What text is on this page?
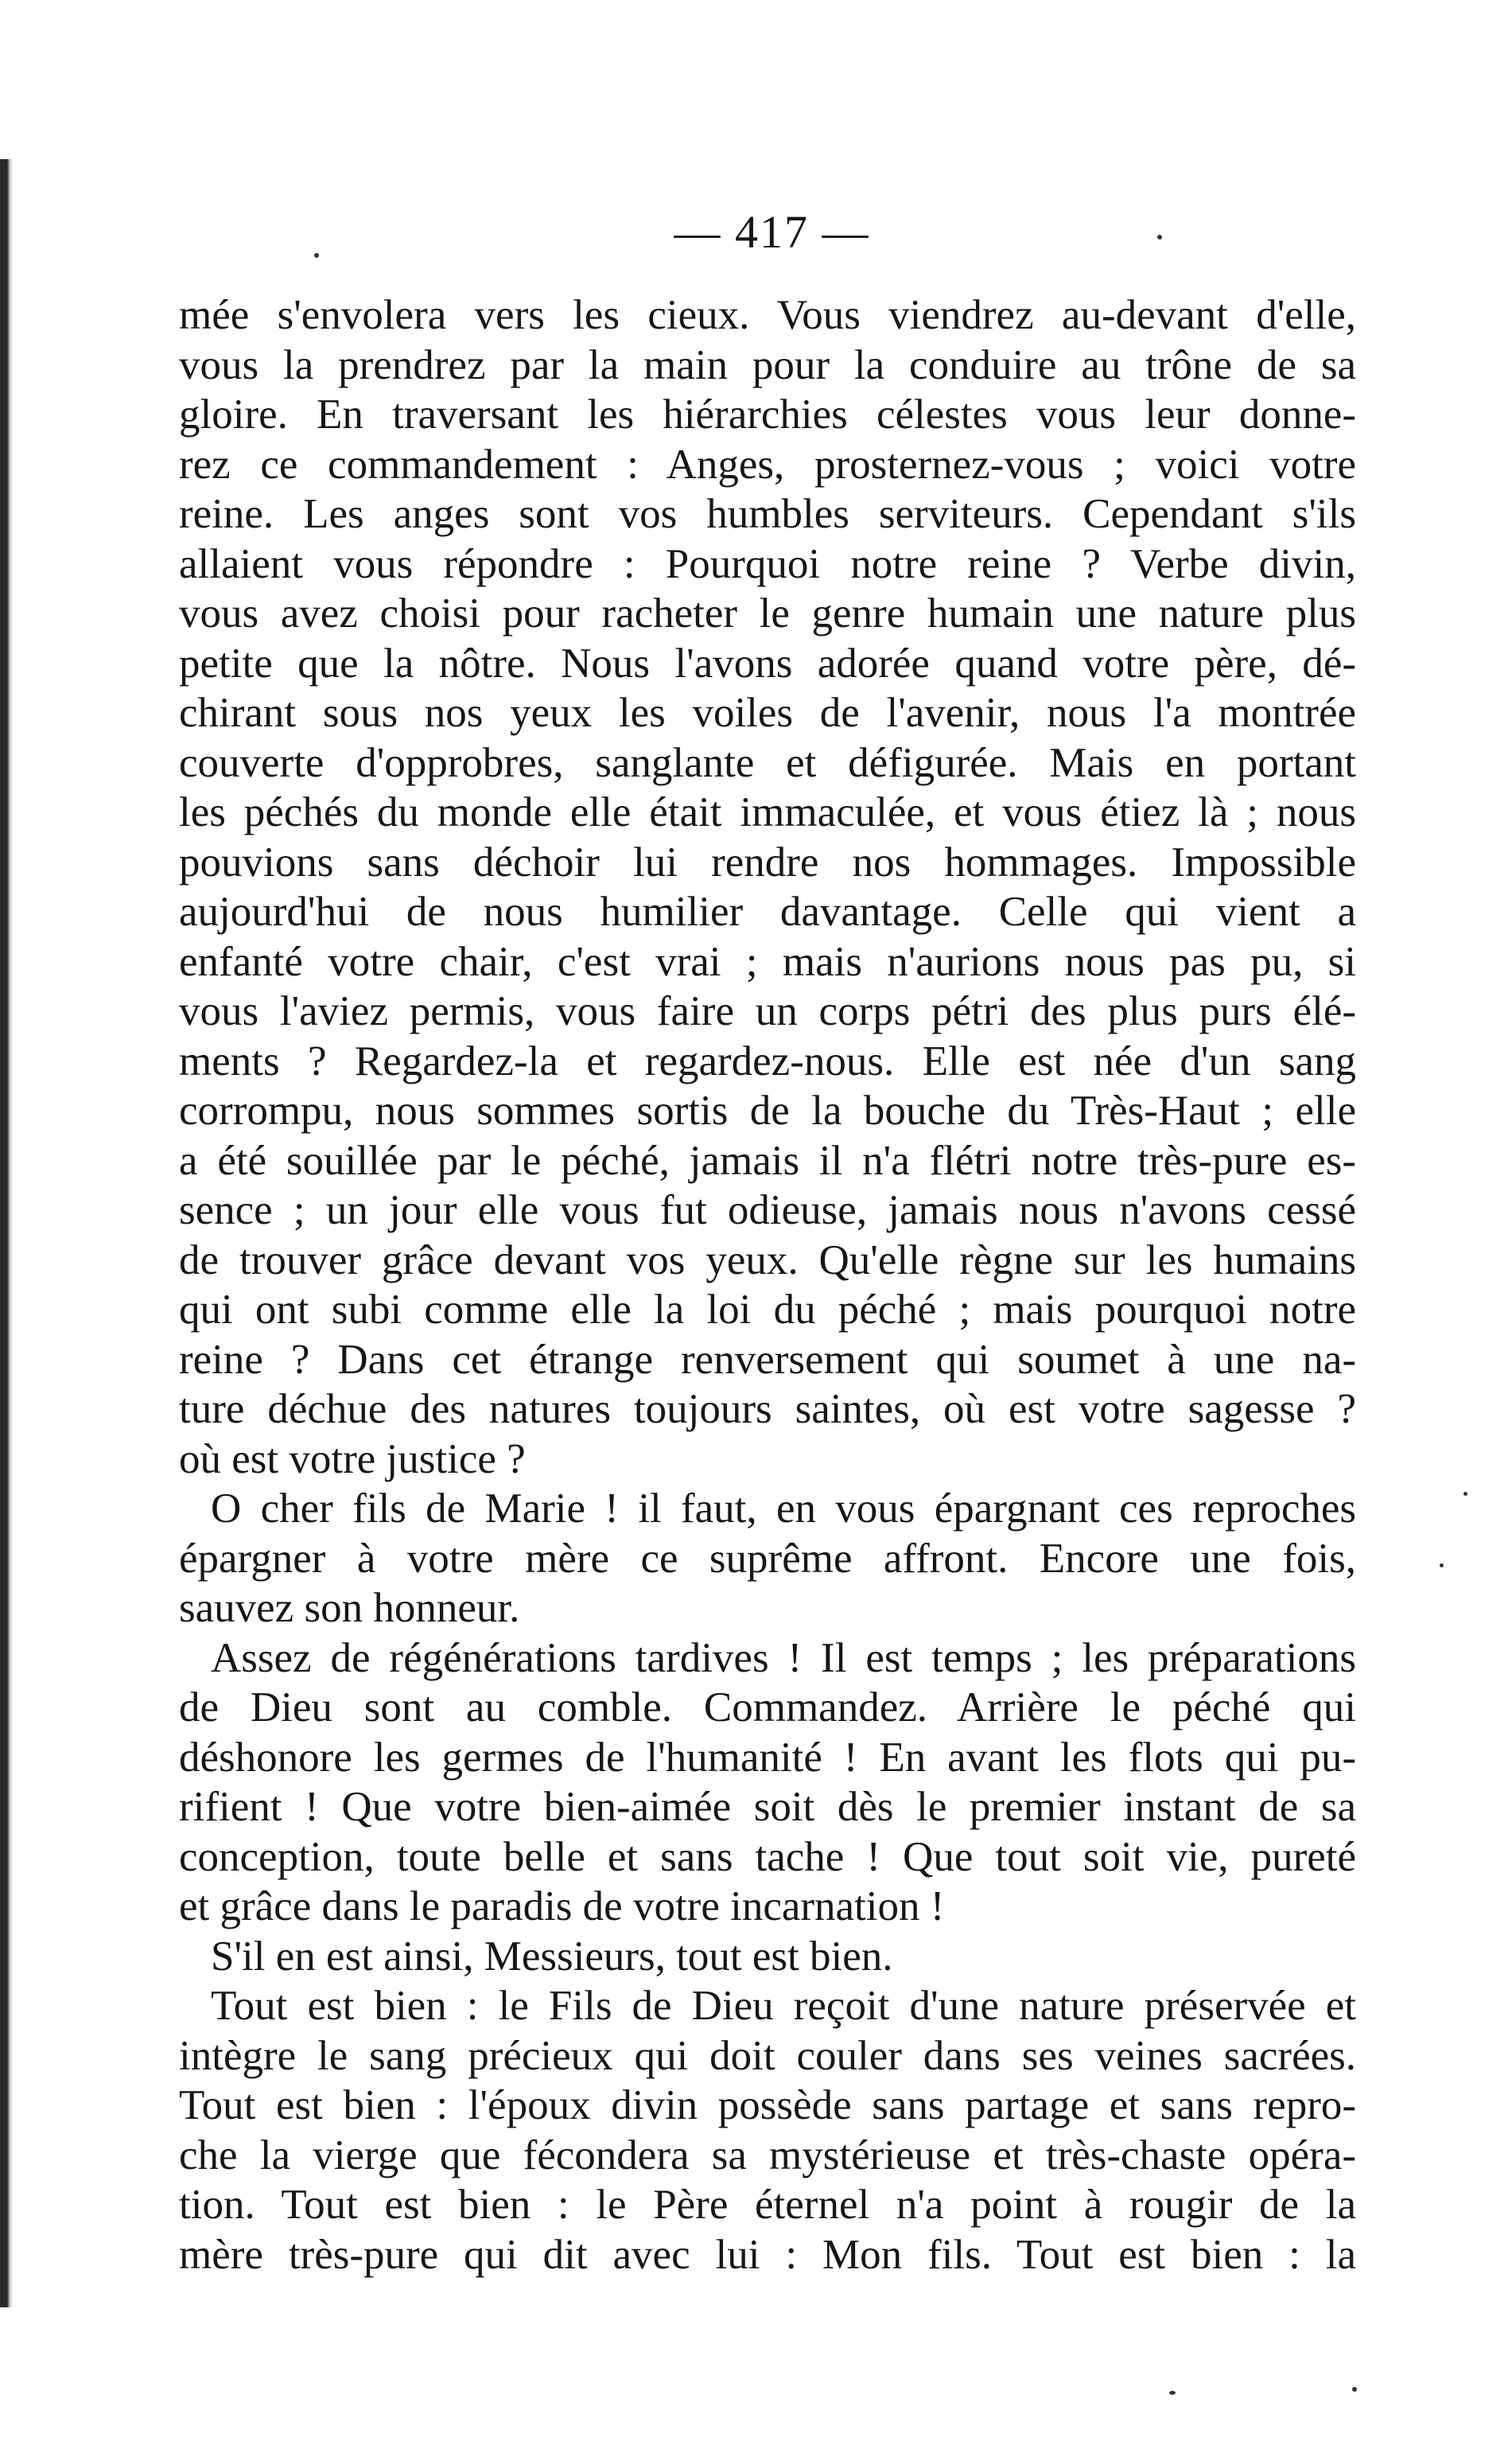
— 417 —
mée s'envolera vers les cieux. Vous viendrez au-devant d'elle,
vous la prendrez par la main pour la conduire au trône de sa
gloire. En traversant les hiérarchies célestes vous leur donne-
rez ce commandement : Anges, prosternez-vous ; voici votre
reine. Les anges sont vos humbles serviteurs. Cependant s'ils
allaient vous répondre : Pourquoi notre reine ? Verbe divin,
vous avez choisi pour racheter le genre humain une nature plus
petite que la nôtre. Nous l'avons adorée quand votre père, dé-
chirant sous nos yeux les voiles de l'avenir, nous l'a montrée
couverte d'opprobres, sanglante et défigurée. Mais en portant
les péchés du monde elle était immaculée, et vous étiez là ; nous
pouvions sans déchoir lui rendre nos hommages. Impossible
aujourd'hui de nous humilier davantage. Celle qui vient a
enfanté votre chair, c'est vrai ; mais n'aurions nous pas pu, si
vous l'aviez permis, vous faire un corps pétri des plus purs élé-
ments ? Regardez-la et regardez-nous. Elle est née d'un sang
corrompu, nous sommes sortis de la bouche du Très-Haut ; elle
a été souillée par le péché, jamais il n'a flétri notre très-pure es-
sence ; un jour elle vous fut odieuse, jamais nous n'avons cessé
de trouver grâce devant vos yeux. Qu'elle règne sur les humains
qui ont subi comme elle la loi du péché ; mais pourquoi notre
reine ? Dans cet étrange renversement qui soumet à une na-
ture déchue des natures toujours saintes, où est votre sagesse ?
où est votre justice ?
O cher fils de Marie ! il faut, en vous épargnant ces reproches
épargner à votre mère ce suprême affront. Encore une fois,
sauvez son honneur.
Assez de régénérations tardives ! Il est temps ; les préparations
de Dieu sont au comble. Commandez. Arrière le péché qui
déshonore les germes de l'humanité ! En avant les flots qui pu-
rifient ! Que votre bien-aimée soit dès le premier instant de sa
conception, toute belle et sans tache ! Que tout soit vie, pureté
et grâce dans le paradis de votre incarnation !
S'il en est ainsi, Messieurs, tout est bien.
Tout est bien : le Fils de Dieu reçoit d'une nature préservée et
intègre le sang précieux qui doit couler dans ses veines sacrées.
Tout est bien : l'époux divin possède sans partage et sans repro-
che la vierge que fécondera sa mystérieuse et très-chaste opéra-
tion. Tout est bien : le Père éternel n'a point à rougir de la
mère très-pure qui dit avec lui : Mon fils. Tout est bien : la
